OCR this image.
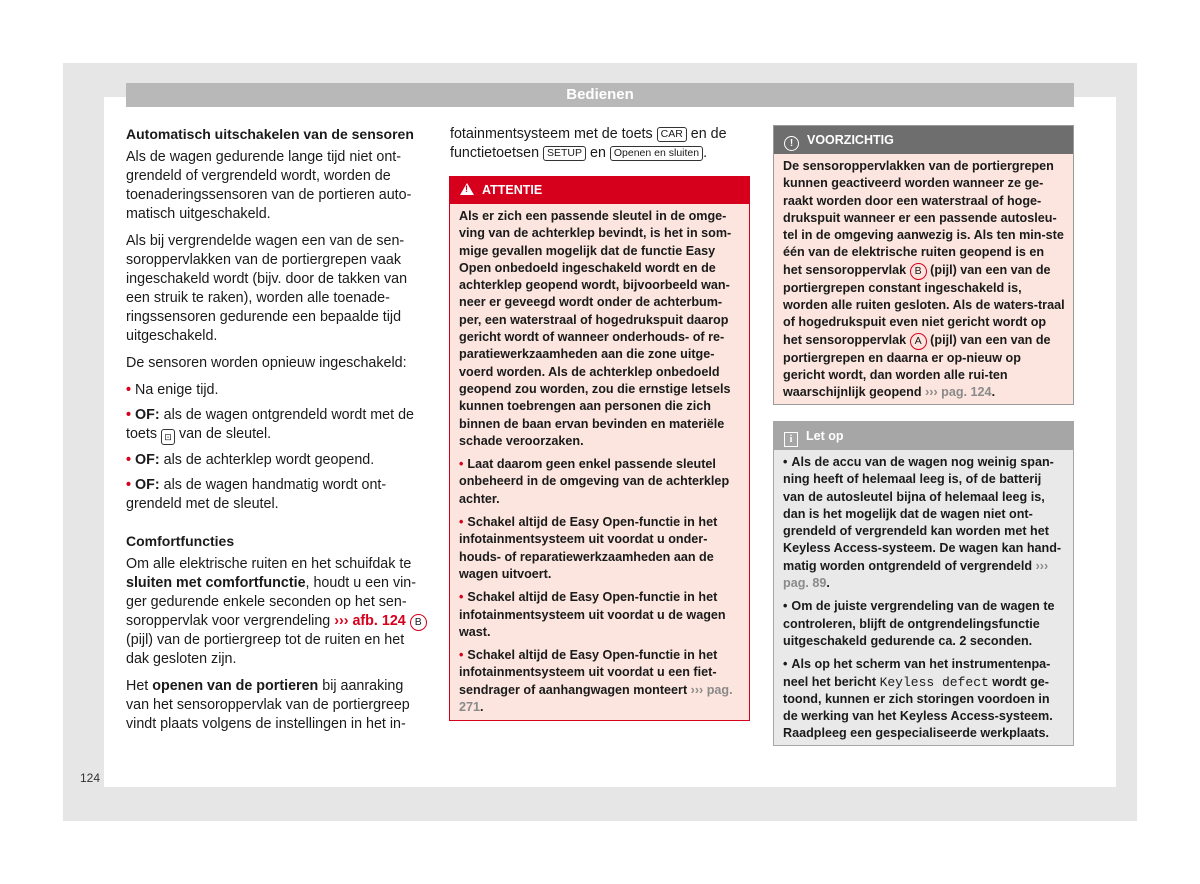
Bedienen
Automatisch uitschakelen van de sensoren

Als de wagen gedurende lange tijd niet ont-grendeld of vergrendeld wordt, worden de toenaderingssensoren van de portieren auto-matisch uitgeschakeld.

Als bij vergrendelde wagen een van de sen-soroppervlakken van de portiergrepen vaak ingeschakeld wordt (bijv. door de takken van een struik te raken), worden alle toenade-ringssensoren gedurende een bepaalde tijd uitgeschakeld.

De sensoren worden opnieuw ingeschakeld:

• Na enige tijd.
• OF: als de wagen ontgrendeld wordt met de toets ⊡ van de sleutel.
• OF: als de achterklep wordt geopend.
• OF: als de wagen handmatig wordt ont-grendeld met de sleutel.
Comfortfuncties

Om alle elektrische ruiten en het schuifdak te sluiten met comfortfunctie, houdt u een vin-ger gedurende enkele seconden op het sen-soroppervlak voor vergrendeling ››› afb. 124 B (pijl) van de portiergreep tot de ruiten en het dak gesloten zijn.

Het openen van de portieren bij aanraking van het sensoroppervlak van de portiergreep vindt plaats volgens de instellingen in het in-

fotainmentsysteem met de toets CAR en de functietoetsen SETUP en Openen en sluiten .

! ATTENTIE

Als er zich een passende sleutel in de omge-ving van de achterklep bevindt, is het in som-mige gevallen mogelijk dat de functie Easy Open onbedoeld ingeschakeld wordt en de achterklep geopend wordt, bijvoorbeeld wan-neer er geveegd wordt onder de achterbum-per, een waterstraal of hogedrukspuit daarop gericht wordt of wanneer onderhouds- of re-paratiewerkzaamheden aan die zone uitge-voerd worden. Als de achterklep onbedoeld geopend zou worden, zou die ernstige letsels kunnen toebrengen aan personen die zich binnen de baan ervan bevinden en materiële schade veroorzaken.

• Laat daarom geen enkel passende sleutel onbeheerd in de omgeving van de achterklep achter.

• Schakel altijd de Easy Open-functie in het infotainmentsysteem uit voordat u onder-houds- of reparatiewerkzaamheden aan de wagen uitvoert.

• Schakel altijd de Easy Open-functie in het infotainmentsysteem uit voordat u de wagen wast.

• Schakel altijd de Easy Open-functie in het infotainmentsysteem uit voordat u een fiet-sendrager of aanhangwagen monteert ››› pag. 271.

! VOORZICHTIG

De sensoroppervlakken van de portiergrepen kunnen geactiveerd worden wanneer ze ge-raakt worden door een waterstraal of hoge-drukspuit wanneer er een passende autosleu-tel in de omgeving aanwezig is. Als ten min-ste één van de elektrische ruiten geopend is en het sensoroppervlak B (pijl) van een van de portiergrepen constant ingeschakeld is, worden alle ruiten gesloten. Als de waters-traal of hogedrukspuit even niet gericht wordt op het sensoroppervlak A (pijl) van een van de portiergrepen en daarna er op-nieuw op gericht wordt, dan worden alle rui-ten waarschijnlijk geopend ››› pag. 124.

i Let op

• Als de accu van de wagen nog weinig span-ning heeft of helemaal leeg is, of de batterij van de autosleutel bijna of helemaal leeg is, dan is het mogelijk dat de wagen niet ont-grendeld of vergrendeld kan worden met het Keyless Access-systeem. De wagen kan hand-matig worden ontgrendeld of vergrendeld ››› pag. 89.

• Om de juiste vergrendeling van de wagen te controleren, blijft de ontgrendelingsfunctie uitgeschakeld gedurende ca. 2 seconden.

• Als op het scherm van het instrumentenpa-neel het bericht Keyless defect wordt ge-toond, kunnen er zich storingen voordoen in de werking van het Keyless Access-systeem. Raadpleeg een gespecialiseerde werkplaats.

124
